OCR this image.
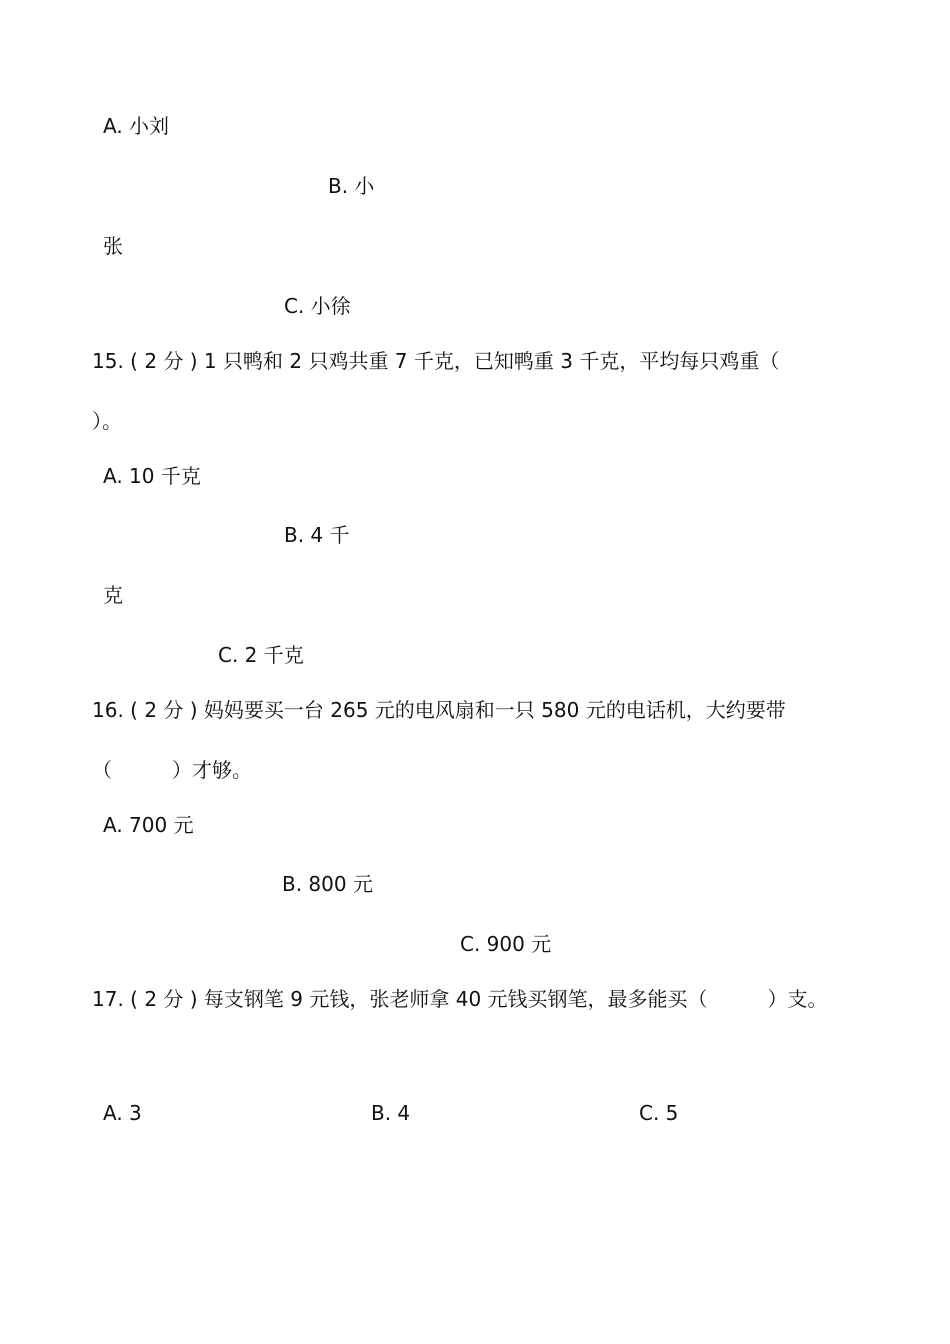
A. 小刘
B. 小
张
C. 小徐
15. ( 2 分 ) 1 只鸭和 2 只鸡共重 7 千克，已知鸭重 3 千克，平均每只鸡重（
）。
A. 10 千克
B. 4 千
克
C. 2 千克
16. ( 2 分 ) 妈妈要买一台 265 元的电风扇和一只 580 元的电话机，大约要带
（　　　）才够。
A. 700 元
B. 800 元
C. 900 元
17. ( 2 分 ) 每支钢笔 9 元钱，张老师拿 40 元钱买钢笔，最多能买（　　　）支。
A. 3	B. 4	C. 5
